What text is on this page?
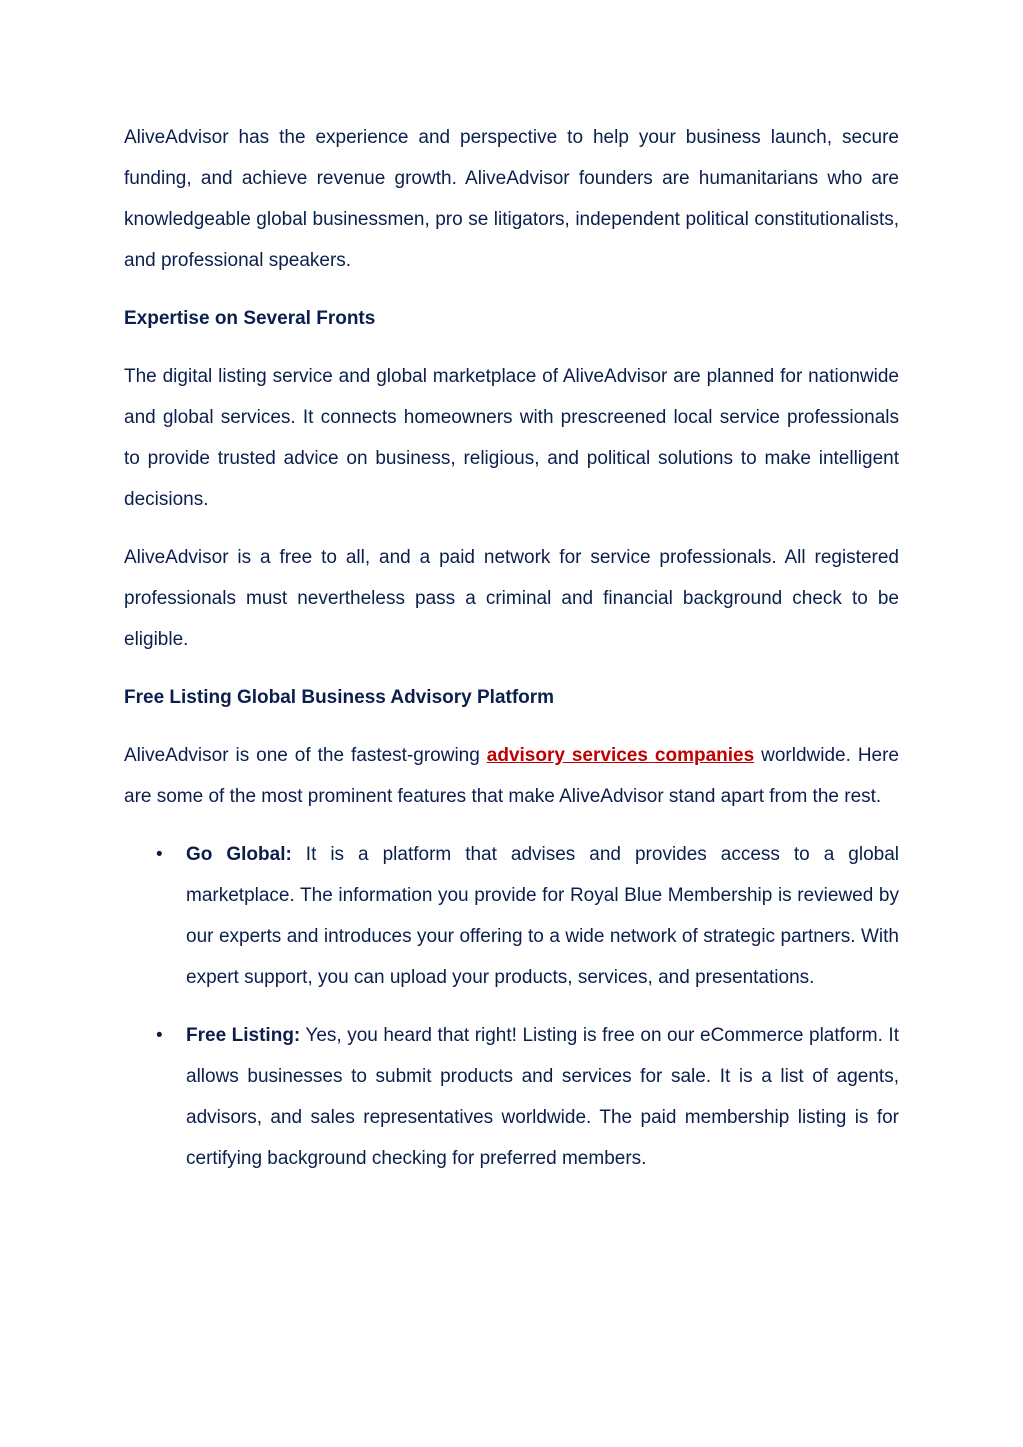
AliveAdvisor has the experience and perspective to help your business launch, secure funding, and achieve revenue growth. AliveAdvisor founders are humanitarians who are knowledgeable global businessmen, pro se litigators, independent political constitutionalists, and professional speakers.

Expertise on Several Fronts

The digital listing service and global marketplace of AliveAdvisor are planned for nationwide and global services. It connects homeowners with prescreened local service professionals to provide trusted advice on business, religious, and political solutions to make intelligent decisions.

AliveAdvisor is a free to all, and a paid network for service professionals. All registered professionals must nevertheless pass a criminal and financial background check to be eligible.

Free Listing Global Business Advisory Platform

AliveAdvisor is one of the fastest-growing advisory services companies worldwide. Here are some of the most prominent features that make AliveAdvisor stand apart from the rest.

• Go Global: It is a platform that advises and provides access to a global marketplace. The information you provide for Royal Blue Membership is reviewed by our experts and introduces your offering to a wide network of strategic partners. With expert support, you can upload your products, services, and presentations.

• Free Listing: Yes, you heard that right! Listing is free on our eCommerce platform. It allows businesses to submit products and services for sale. It is a list of agents, advisors, and sales representatives worldwide. The paid membership listing is for certifying background checking for preferred members.
